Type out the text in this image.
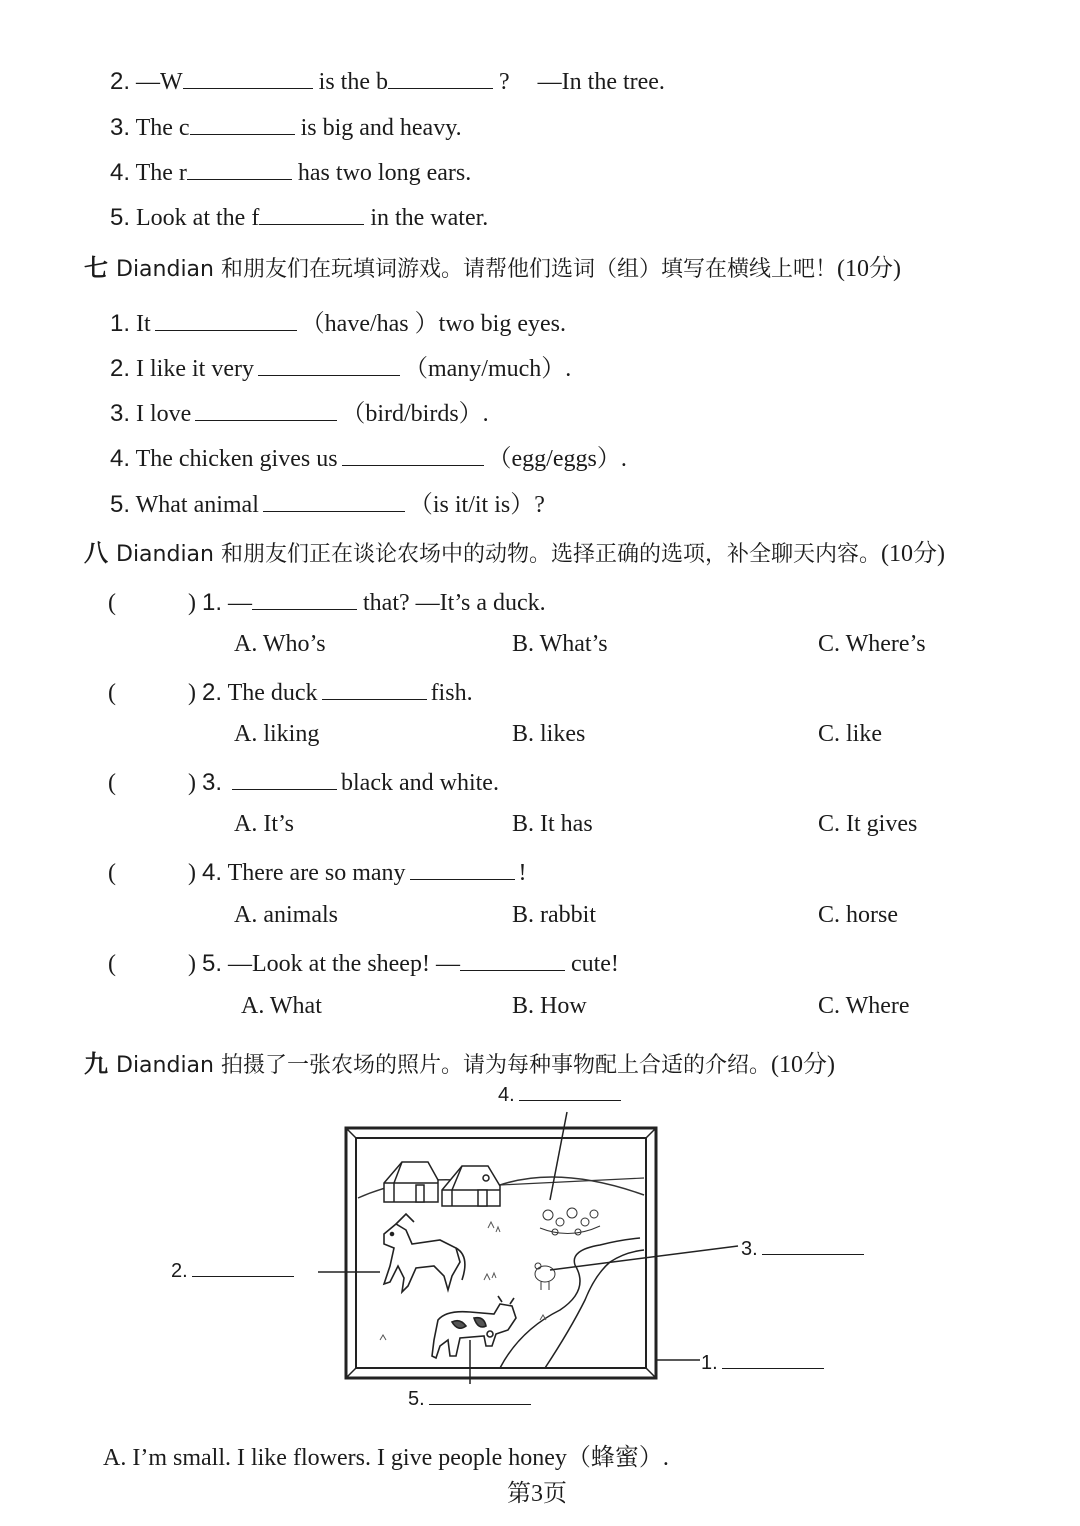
2. —W	is the b	? —In the tree.
3. The c	is big and heavy.
4. The r	has two long ears.
5. Look at the f	in the water.
七 Diandian 和朋友们在玩填词游戏。请帮他们选词（组）填写在横线上吧！(10分)
1. It	（have/has ）two big eyes.
2. I like it very	（many/much）.
3. I love	（bird/birds）.
4. The chicken gives us	（egg/eggs）.
5. What animal	（is it/it is）?
八 Diandian 和朋友们正在谈论农场中的动物。选择正确的选项，补全聊天内容。(10分)
(	) 1. —	that? —It’s a duck.
A. Who’s	B. What’s	C. Where’s
(	) 2. The duck	fish.
A. liking	B. likes	C. like
(	) 3.	black and white.
A. It’s	B. It has	C. It gives
(	) 4. There are so many	!
A. animals	B. rabbit	C. horse
(	) 5. —Look at the sheep! —	cute!
A. What	B. How	C. Where
九 Diandian 拍摄了一张农场的照片。请为每种事物配上合适的介绍。(10分)
4.
2.
3.
1.
5.
A. I’m small. I like flowers. I give people honey（蜂蜜）.
第3页
